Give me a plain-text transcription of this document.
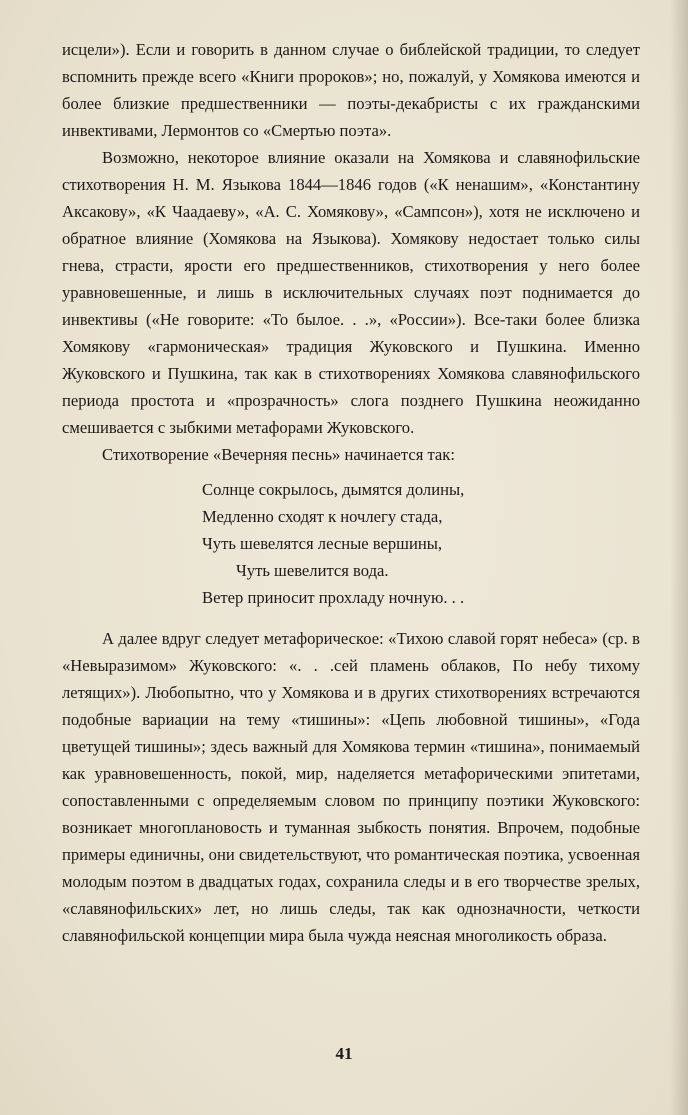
исцели»). Если и говорить в данном случае о библейской традиции, то следует вспомнить прежде всего «Книги пророков»; но, пожалуй, у Хомякова имеются и более близкие предшественники — поэты-декабристы с их гражданскими инвективами, Лермонтов со «Смертью поэта».

Возможно, некоторое влияние оказали на Хомякова и славянофильские стихотворения Н. М. Языкова 1844—1846 годов («К ненашим», «Константину Аксакову», «К Чаадаеву», «А. С. Хомякову», «Сампсон»), хотя не исключено и обратное влияние (Хомякова на Языкова). Хомякову недостает только силы гнева, страсти, ярости его предшественников, стихотворения у него более уравновешенные, и лишь в исключительных случаях поэт поднимается до инвективы («Не говорите: «То былое. . .», «России»). Все-таки более близка Хомякову «гармоническая» традиция Жуковского и Пушкина. Именно Жуковского и Пушкина, так как в стихотворениях Хомякова славянофильского периода простота и «прозрачность» слога позднего Пушкина неожиданно смешивается с зыбкими метафорами Жуковского.

Стихотворение «Вечерняя песнь» начинается так:

Солнце сокрылось, дымятся долины,
Медленно сходят к ночлегу стада,
Чуть шевелятся лесные вершины,
Чуть шевелится вода.
Ветер приносит прохладу ночную. . .

А далее вдруг следует метафорическое: «Тихою славой горят небеса» (ср. в «Невыразимом» Жуковского: «. . .сей пламень облаков, По небу тихому летящих»). Любопытно, что у Хомякова и в других стихотворениях встречаются подобные вариации на тему «тишины»: «Цепь любовной тишины», «Года цветущей тишины»; здесь важный для Хомякова термин «тишина», понимаемый как уравновешенность, покой, мир, наделяется метафорическими эпитетами, сопоставленными с определяемым словом по принципу поэтики Жуковского: возникает многоплановость и туманная зыбкость понятия. Впрочем, подобные примеры единичны, они свидетельствуют, что романтическая поэтика, усвоенная молодым поэтом в двадцатых годах, сохранила следы и в его творчестве зрелых, «славянофильских» лет, но лишь следы, так как однозначности, четкости славянофильской концепции мира была чужда неясная многоликость образа.

41
